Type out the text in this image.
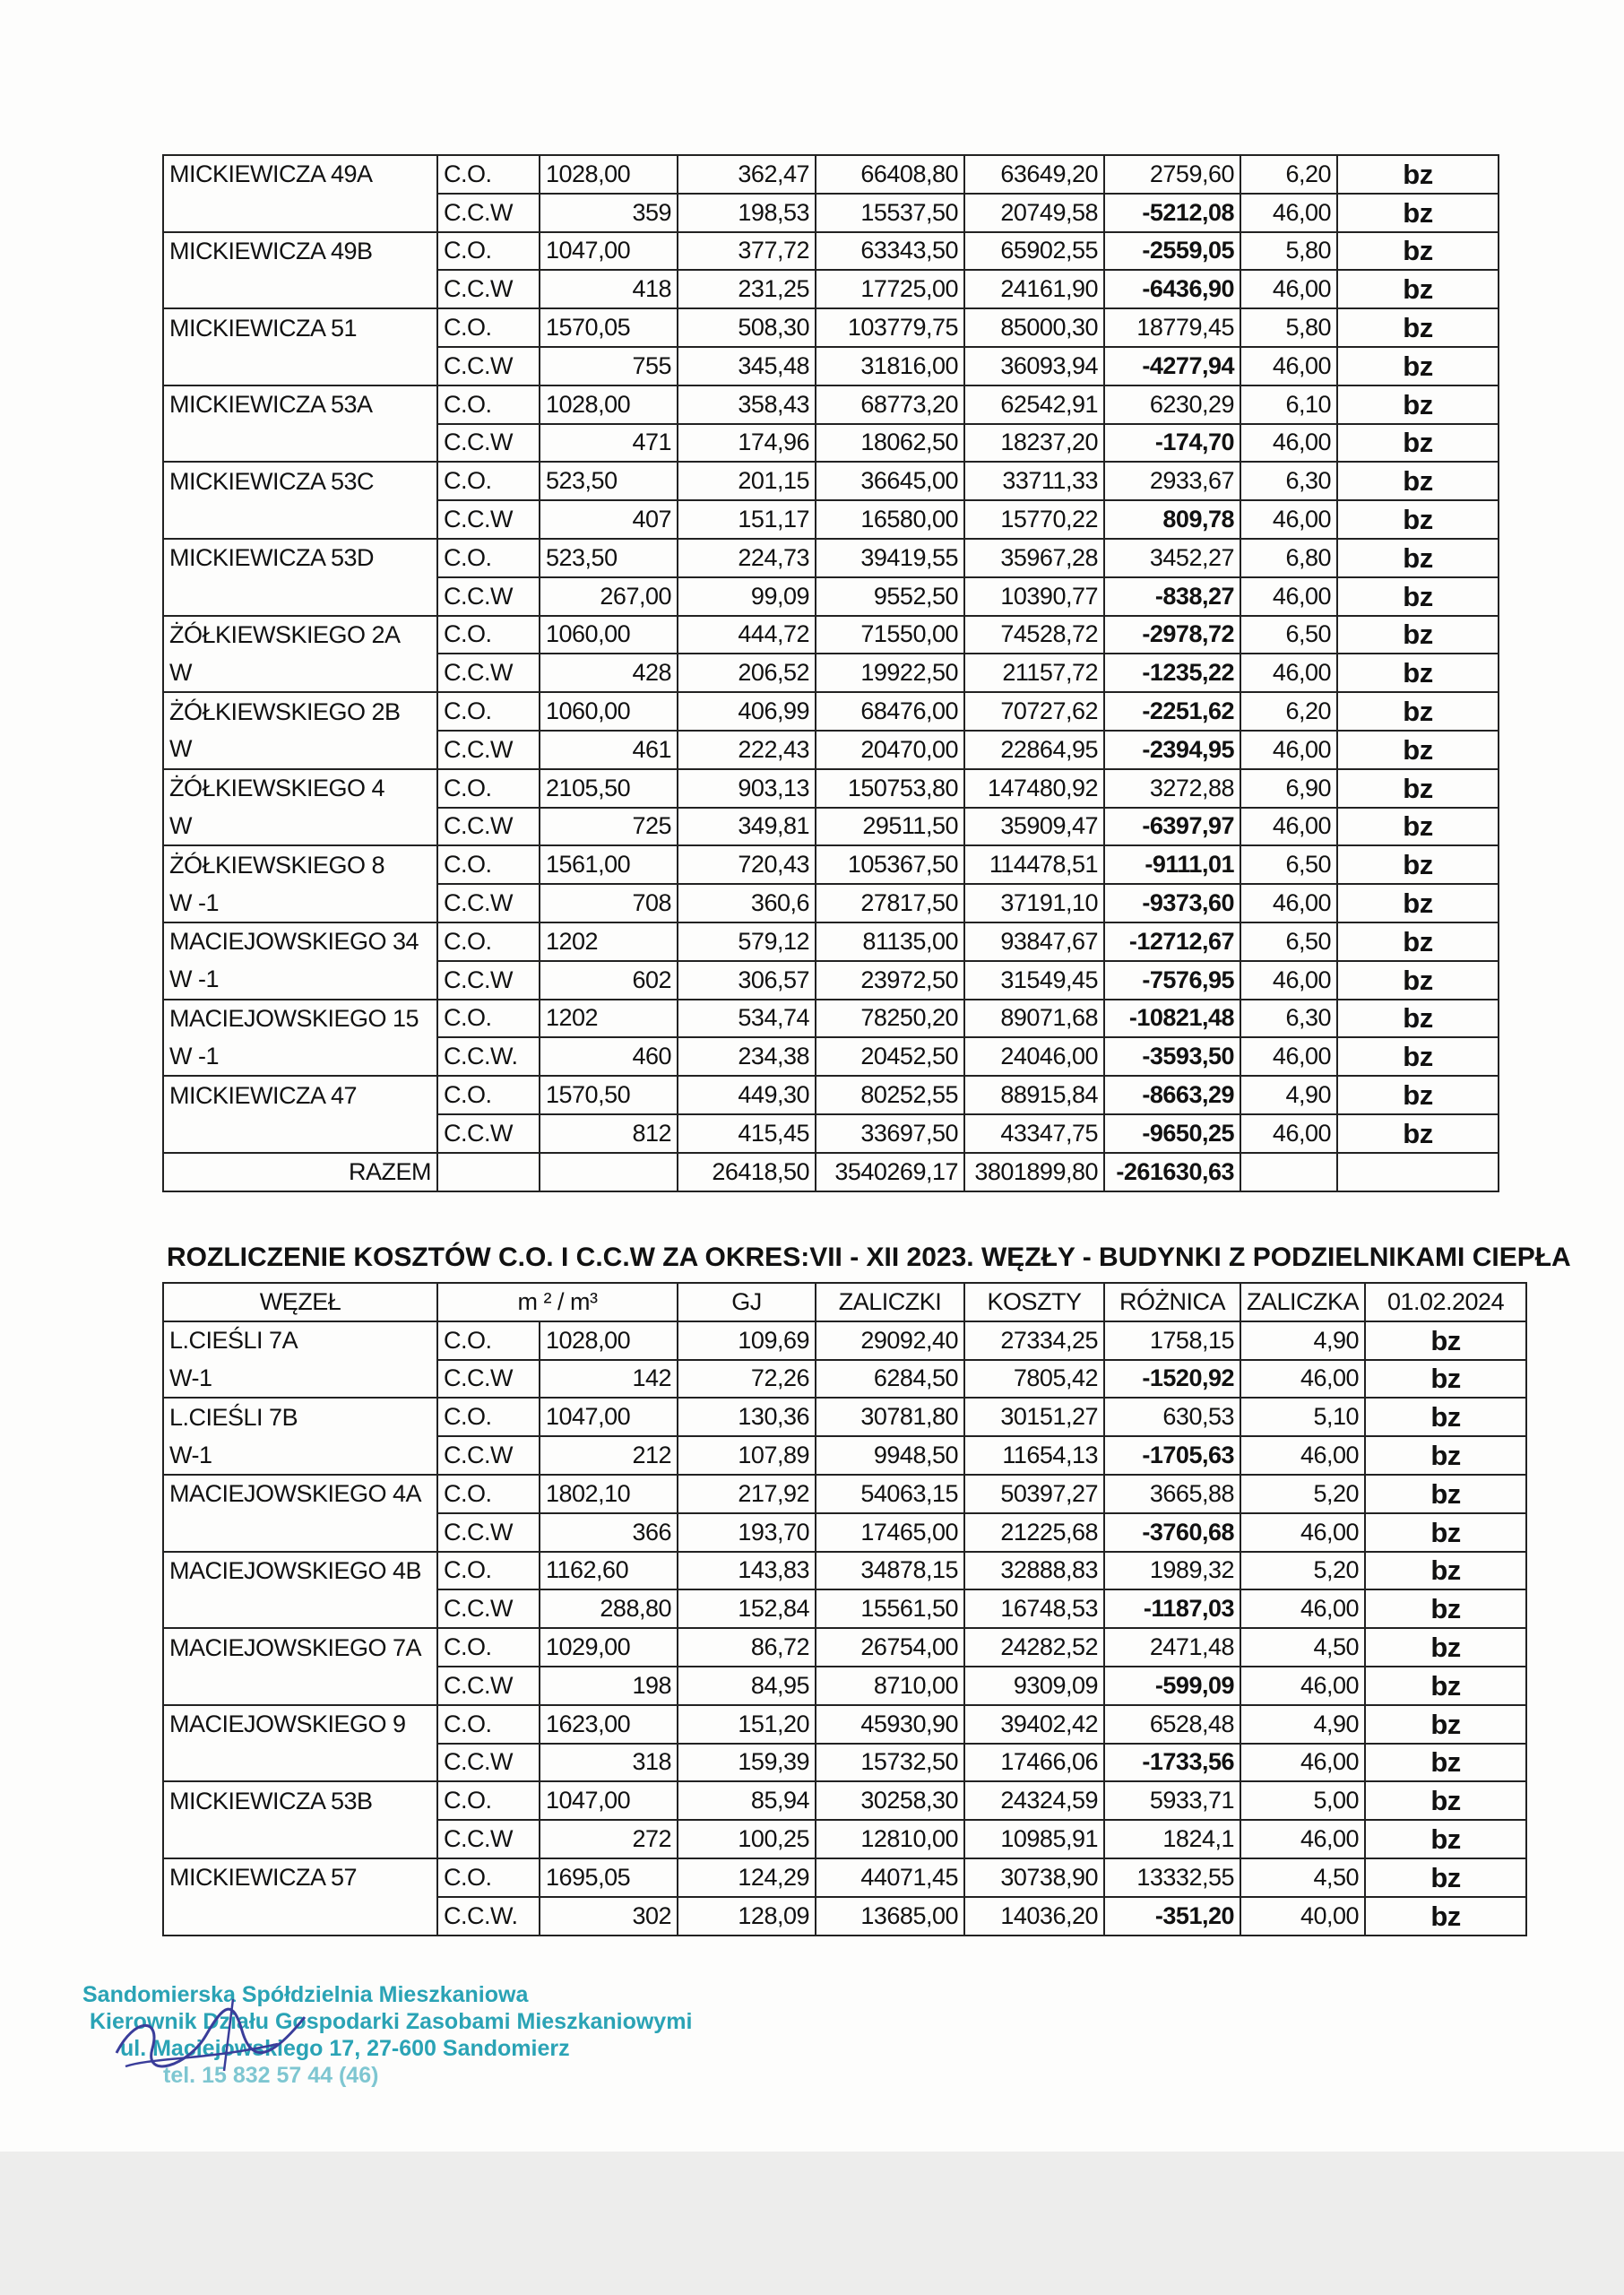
MICKIEWICZA 49A	C.O.	1028,00	362,47	66408,80	63649,20	2759,60	6,20	bz
	C.C.W	359	198,53	15537,50	20749,58	-5212,08	46,00	bz
MICKIEWICZA 49B	C.O.	1047,00	377,72	63343,50	65902,55	-2559,05	5,80	bz
	C.C.W	418	231,25	17725,00	24161,90	-6436,90	46,00	bz
MICKIEWICZA 51	C.O.	1570,05	508,30	103779,75	85000,30	18779,45	5,80	bz
	C.C.W	755	345,48	31816,00	36093,94	-4277,94	46,00	bz
MICKIEWICZA 53A	C.O.	1028,00	358,43	68773,20	62542,91	6230,29	6,10	bz
	C.C.W	471	174,96	18062,50	18237,20	-174,70	46,00	bz
MICKIEWICZA 53C	C.O.	523,50	201,15	36645,00	33711,33	2933,67	6,30	bz
	C.C.W	407	151,17	16580,00	15770,22	809,78	46,00	bz
MICKIEWICZA 53D	C.O.	523,50	224,73	39419,55	35967,28	3452,27	6,80	bz
	C.C.W	267,00	99,09	9552,50	10390,77	-838,27	46,00	bz
ŻÓŁKIEWSKIEGO 2A	C.O.	1060,00	444,72	71550,00	74528,72	-2978,72	6,50	bz
W	C.C.W	428	206,52	19922,50	21157,72	-1235,22	46,00	bz
ŻÓŁKIEWSKIEGO 2B	C.O.	1060,00	406,99	68476,00	70727,62	-2251,62	6,20	bz
W	C.C.W	461	222,43	20470,00	22864,95	-2394,95	46,00	bz
ŻÓŁKIEWSKIEGO 4	C.O.	2105,50	903,13	150753,80	147480,92	3272,88	6,90	bz
W	C.C.W	725	349,81	29511,50	35909,47	-6397,97	46,00	bz
ŻÓŁKIEWSKIEGO 8	C.O.	1561,00	720,43	105367,50	114478,51	-9111,01	6,50	bz
W -1	C.C.W	708	360,6	27817,50	37191,10	-9373,60	46,00	bz
MACIEJOWSKIEGO 34	C.O.	1202	579,12	81135,00	93847,67	-12712,67	6,50	bz
W -1	C.C.W	602	306,57	23972,50	31549,45	-7576,95	46,00	bz
MACIEJOWSKIEGO 15	C.O.	1202	534,74	78250,20	89071,68	-10821,48	6,30	bz
W -1	C.C.W.	460	234,38	20452,50	24046,00	-3593,50	46,00	bz
MICKIEWICZA 47	C.O.	1570,50	449,30	80252,55	88915,84	-8663,29	4,90	bz
	C.C.W	812	415,45	33697,50	43347,75	-9650,25	46,00	bz
RAZEM			26418,50	3540269,17	3801899,80	-261630,63		
ROZLICZENIE KOSZTÓW C.O. I C.C.W ZA OKRES:VII - XII 2023. WĘZŁY - BUDYNKI Z PODZIELNIKAMI CIEPŁA
WĘZEŁ	m ² / m³		GJ	ZALICZKI	KOSZTY	RÓŻNICA	ZALICZKA	01.02.2024
L.CIEŚLI 7A	C.O.	1028,00	109,69	29092,40	27334,25	1758,15	4,90	bz
W-1	C.C.W	142	72,26	6284,50	7805,42	-1520,92	46,00	bz
L.CIEŚLI 7B	C.O.	1047,00	130,36	30781,80	30151,27	630,53	5,10	bz
W-1	C.C.W	212	107,89	9948,50	11654,13	-1705,63	46,00	bz
MACIEJOWSKIEGO 4A	C.O.	1802,10	217,92	54063,15	50397,27	3665,88	5,20	bz
	C.C.W	366	193,70	17465,00	21225,68	-3760,68	46,00	bz
MACIEJOWSKIEGO 4B	C.O.	1162,60	143,83	34878,15	32888,83	1989,32	5,20	bz
	C.C.W	288,80	152,84	15561,50	16748,53	-1187,03	46,00	bz
MACIEJOWSKIEGO 7A	C.O.	1029,00	86,72	26754,00	24282,52	2471,48	4,50	bz
	C.C.W	198	84,95	8710,00	9309,09	-599,09	46,00	bz
MACIEJOWSKIEGO 9	C.O.	1623,00	151,20	45930,90	39402,42	6528,48	4,90	bz
	C.C.W	318	159,39	15732,50	17466,06	-1733,56	46,00	bz
MICKIEWICZA 53B	C.O.	1047,00	85,94	30258,30	24324,59	5933,71	5,00	bz
	C.C.W	272	100,25	12810,00	10985,91	1824,1	46,00	bz
MICKIEWICZA 57	C.O.	1695,05	124,29	44071,45	30738,90	13332,55	4,50	bz
	C.C.W.	302	128,09	13685,00	14036,20	-351,20	40,00	bz
Sandomierska Spółdzielnia Mieszkaniowa
Kierownik Działu Gospodarki Zasobami Mieszkaniowymi
ul. Maciejowskiego 17, 27-600 Sandomierz
tel. 15 832 57 44 (46)
